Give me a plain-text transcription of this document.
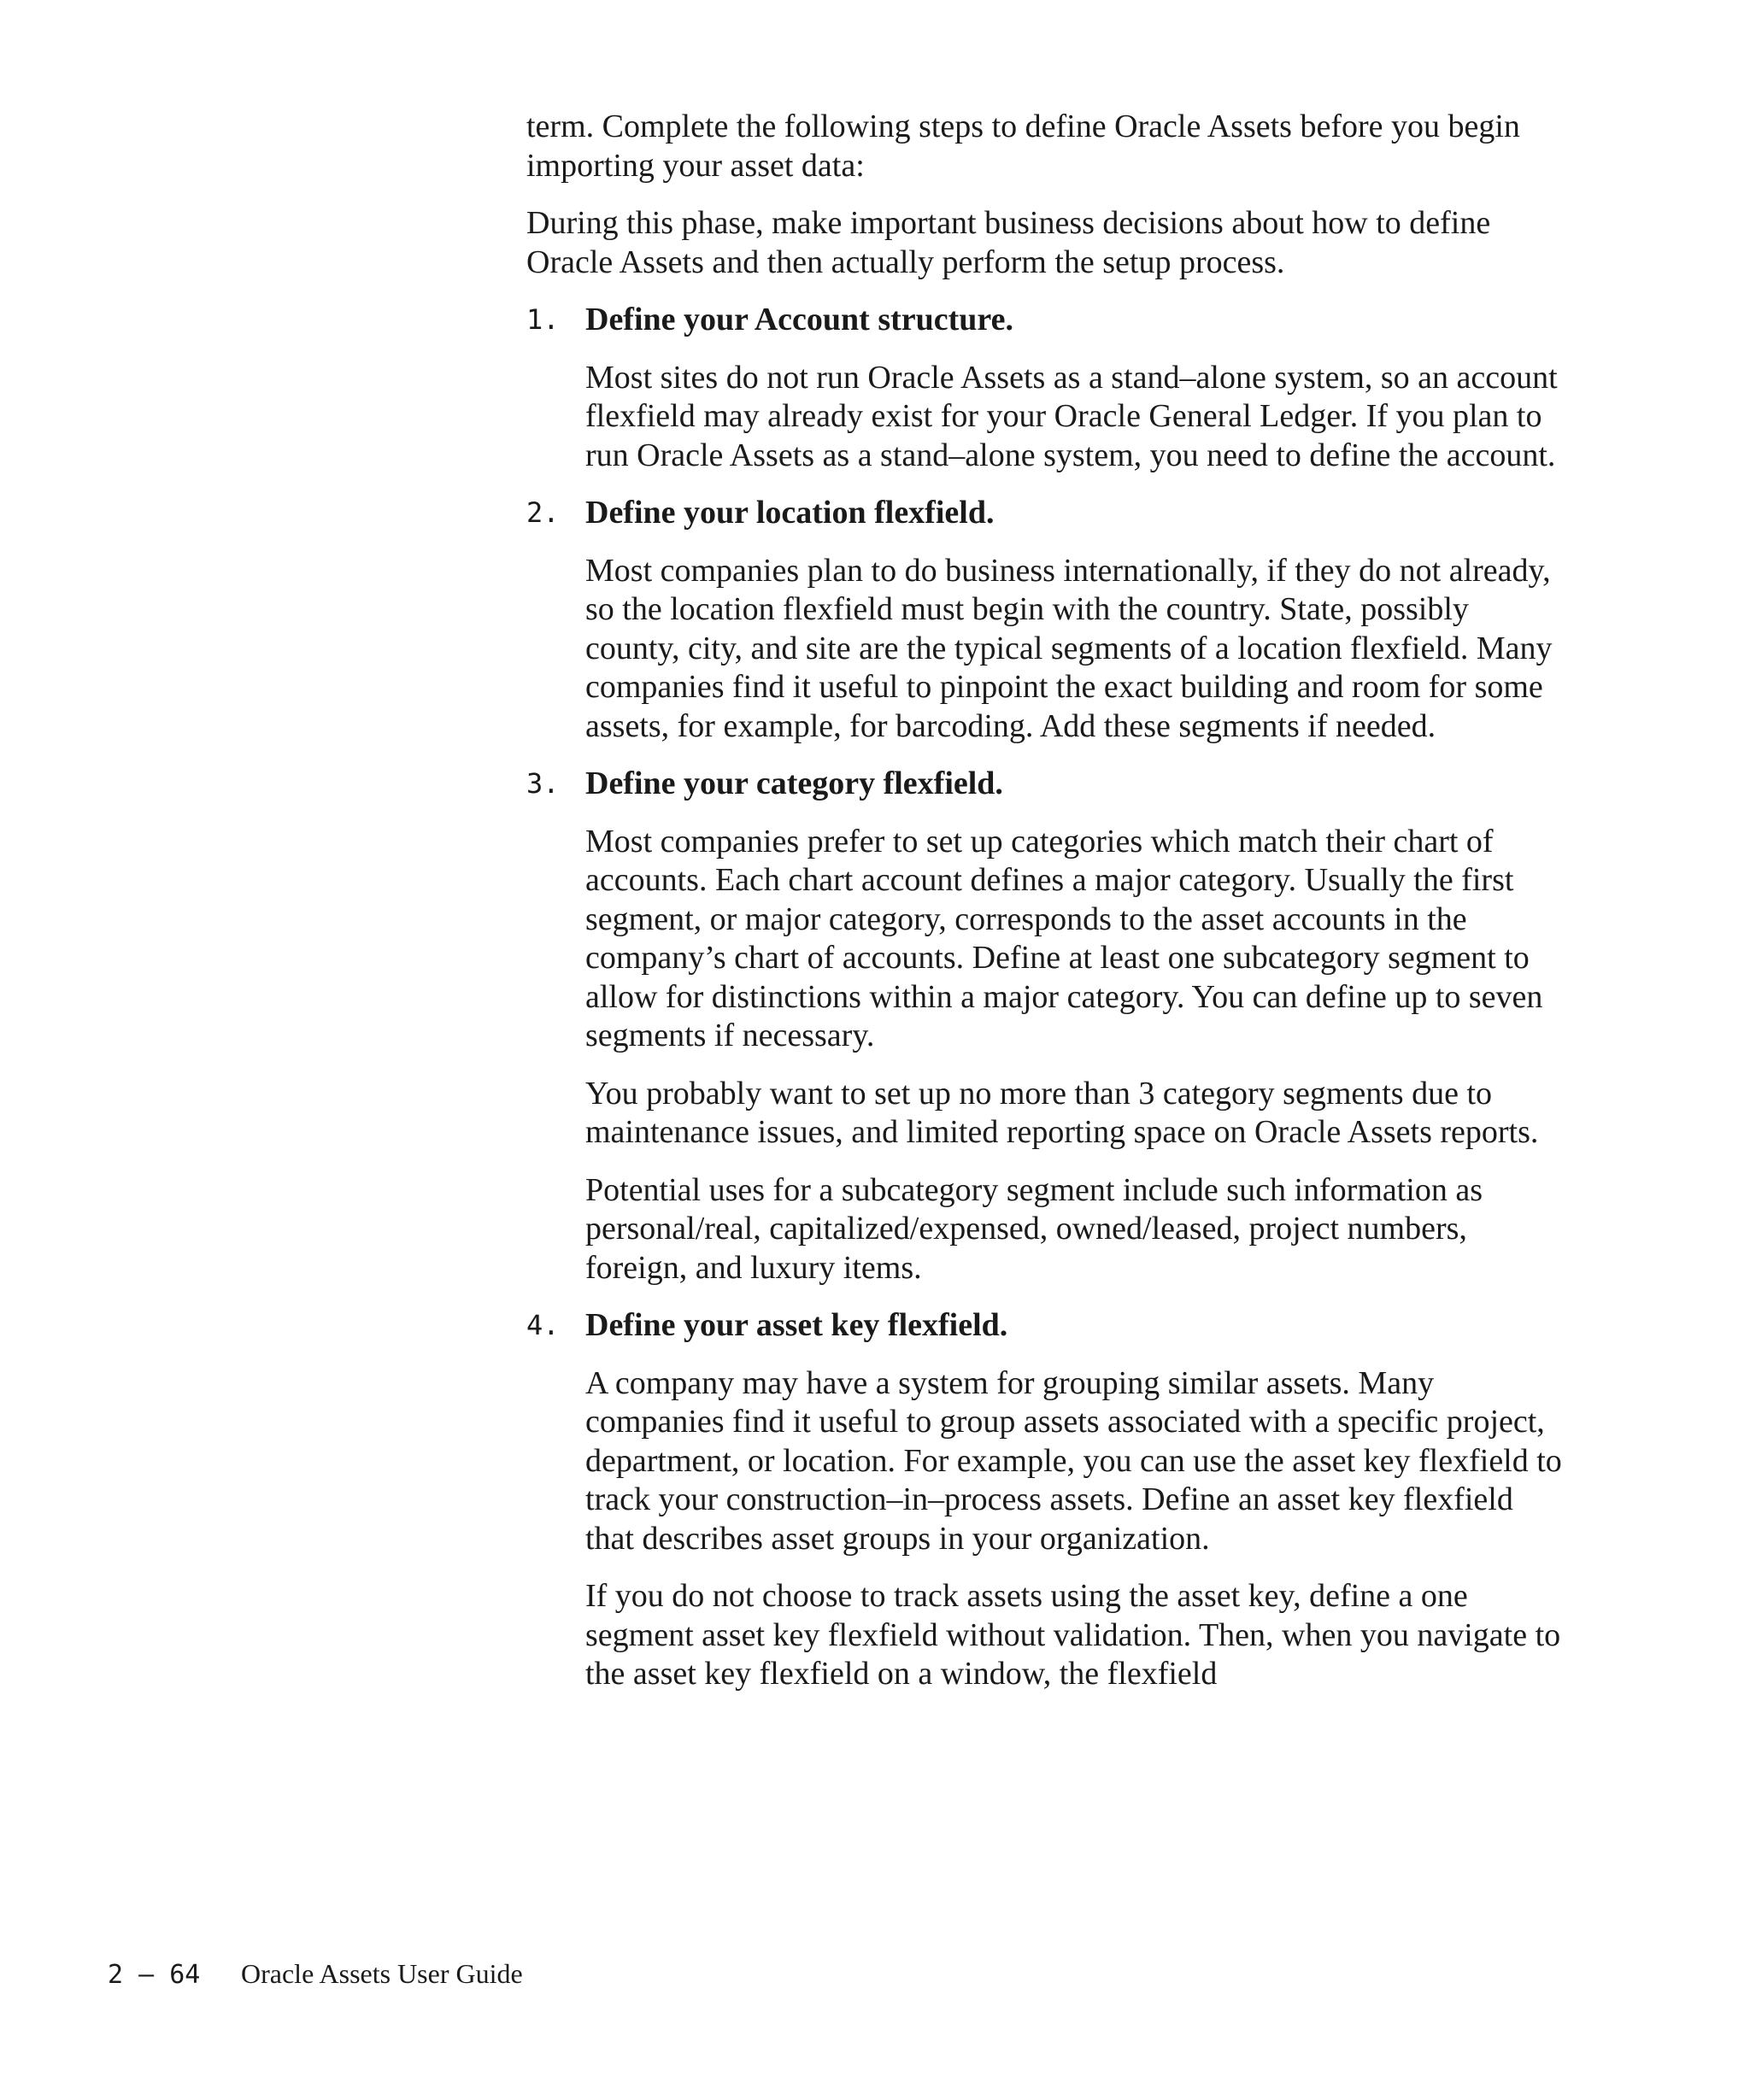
term. Complete the following steps to define Oracle Assets before you begin importing your asset data:

During this phase, make important business decisions about how to define Oracle Assets and then actually perform the setup process.

1. Define your Account structure.

Most sites do not run Oracle Assets as a stand–alone system, so an account flexfield may already exist for your Oracle General Ledger. If you plan to run Oracle Assets as a stand–alone system, you need to define the account.

2. Define your location flexfield.

Most companies plan to do business internationally, if they do not already, so the location flexfield must begin with the country. State, possibly county, city, and site are the typical segments of a location flexfield. Many companies find it useful to pinpoint the exact building and room for some assets, for example, for barcoding. Add these segments if needed.

3. Define your category flexfield.

Most companies prefer to set up categories which match their chart of accounts. Each chart account defines a major category. Usually the first segment, or major category, corresponds to the asset accounts in the company’s chart of accounts. Define at least one subcategory segment to allow for distinctions within a major category. You can define up to seven segments if necessary.

You probably want to set up no more than 3 category segments due to maintenance issues, and limited reporting space on Oracle Assets reports.

Potential uses for a subcategory segment include such information as personal/real, capitalized/expensed, owned/leased, project numbers, foreign, and luxury items.

4. Define your asset key flexfield.

A company may have a system for grouping similar assets. Many companies find it useful to group assets associated with a specific project, department, or location. For example, you can use the asset key flexfield to track your construction–in–process assets. Define an asset key flexfield that describes asset groups in your organization.

If you do not choose to track assets using the asset key, define a one segment asset key flexfield without validation. Then, when you navigate to the asset key flexfield on a window, the flexfield

2 – 64 Oracle Assets User Guide
